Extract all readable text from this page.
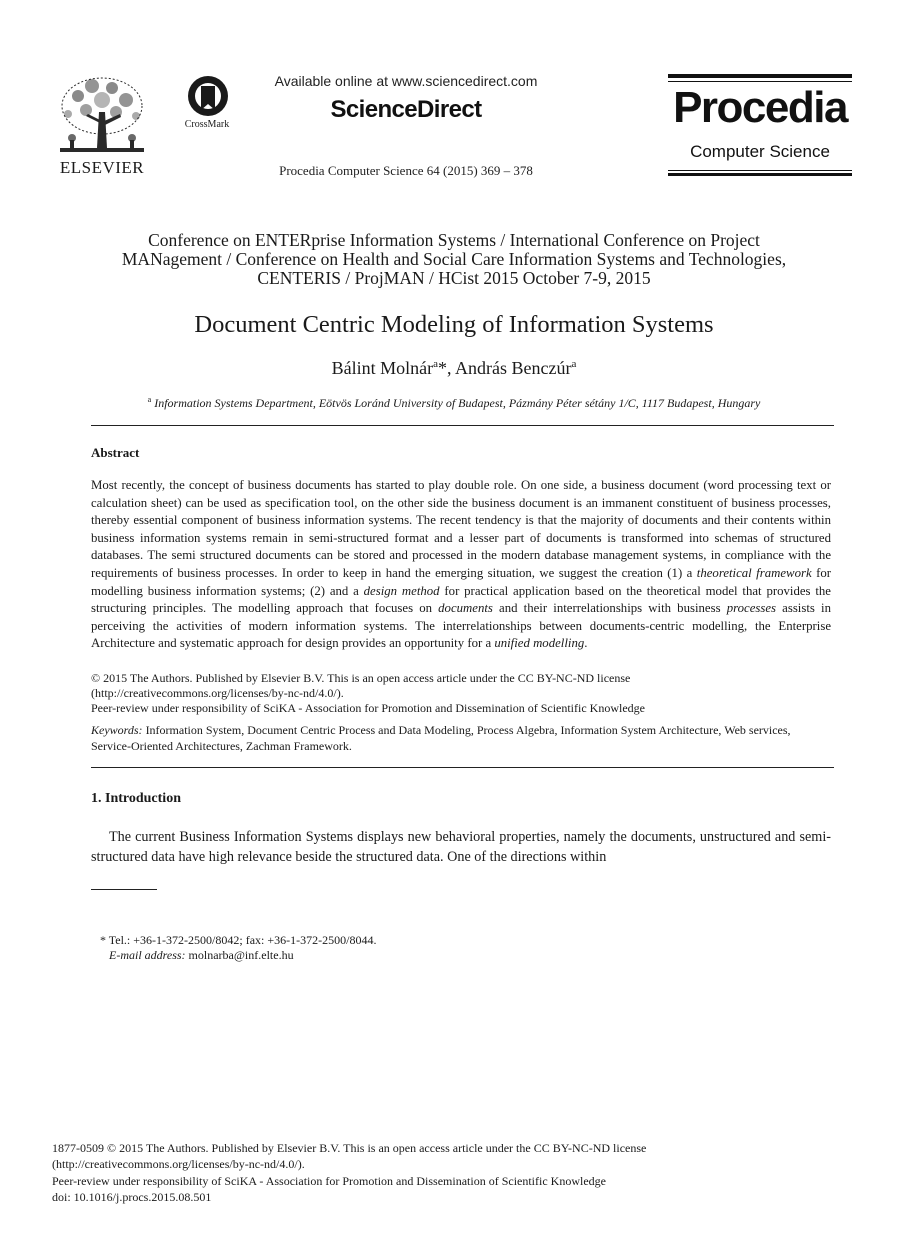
ELSEVIER
CrossMark
Available online at www.sciencedirect.com
ScienceDirect
Procedia Computer Science 64 (2015) 369 – 378
Procedia
Computer Science
Conference on ENTERprise Information Systems / International Conference on Project
MANagement / Conference on Health and Social Care Information Systems and Technologies,
CENTERIS / ProjMAN / HCist 2015 October 7-9, 2015
Document Centric Modeling of Information Systems
Bálint Molnár$^a$*, András Benczúr$^a$
$^a$ Information Systems Department, Eötvös Loránd University of Budapest, Pázmány Péter sétány 1/C, 1117 Budapest, Hungary
Abstract

Most recently, the concept of business documents has started to play double role. On one side, a business document (word processing text or calculation sheet) can be used as specification tool, on the other side the business document is an immanent constituent of business processes, thereby essential component of business information systems. The recent tendency is that the majority of documents and their contents within business information systems remain in semi-structured format and a lesser part of documents is transformed into schemas of structured databases. The semi structured documents can be stored and processed in the modern database management systems, in compliance with the requirements of business processes. In order to keep in hand the emerging situation, we suggest the creation (1) a theoretical framework for modelling business information systems; (2) and a design method for practical application based on the theoretical model that provides the structuring principles. The modelling approach that focuses on documents and their interrelationships with business processes assists in perceiving the activities of modern information systems. The interrelationships between documents-centric modelling, the Enterprise Architecture and systematic approach for design provides an opportunity for a unified modelling.

© 2015 The Authors. Published by Elsevier B.V. This is an open access article under the CC BY-NC-ND license
(http://creativecommons.org/licenses/by-nc-nd/4.0/).
Peer-review under responsibility of SciKA - Association for Promotion and Dissemination of Scientific Knowledge
Keywords: Information System, Document Centric Process and Data Modeling, Process Algebra, Information System Architecture, Web services, Service-Oriented Architectures, Zachman Framework.
1. Introduction

The current Business Information Systems displays new behavioral properties, namely the documents, unstructured and semi-structured data have high relevance beside the structured data. One of the directions within

* Tel.: +36-1-372-2500/8042; fax: +36-1-372-2500/8044.
E-mail address: molnarba@inf.elte.hu
1877-0509 © 2015 The Authors. Published by Elsevier B.V. This is an open access article under the CC BY-NC-ND license
(http://creativecommons.org/licenses/by-nc-nd/4.0/).
Peer-review under responsibility of SciKA - Association for Promotion and Dissemination of Scientific Knowledge
doi: 10.1016/j.procs.2015.08.501
